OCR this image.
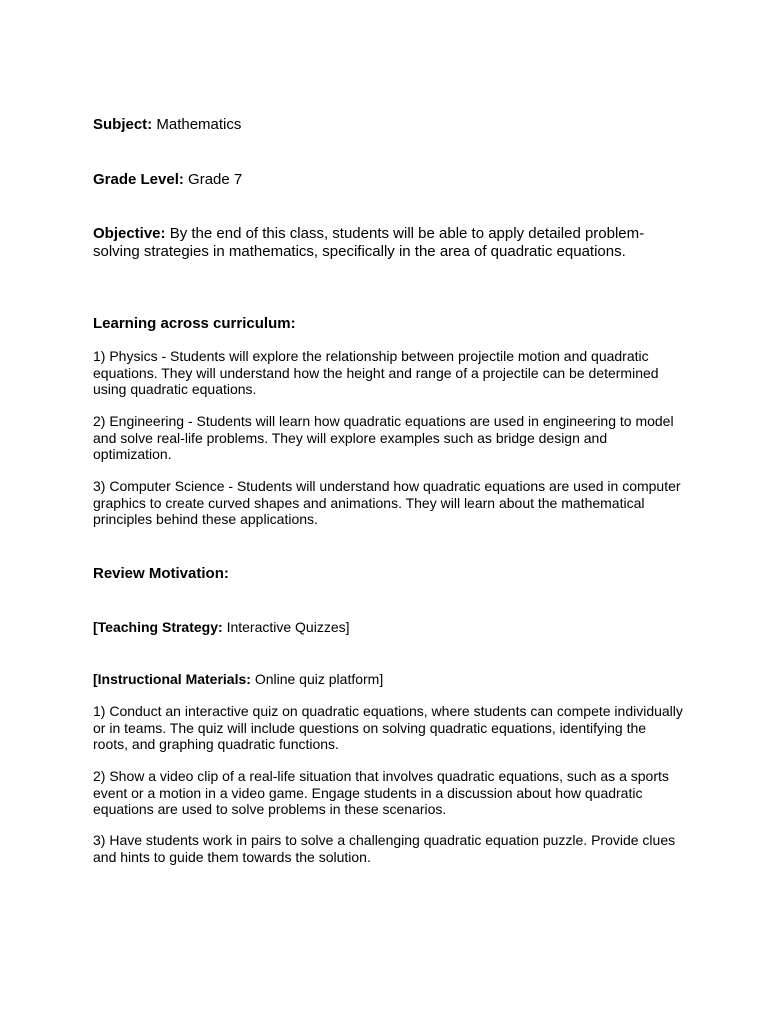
Subject: Mathematics

Grade Level: Grade 7

Objective: By the end of this class, students will be able to apply detailed problem-solving strategies in mathematics, specifically in the area of quadratic equations.

Learning across curriculum:

1) Physics - Students will explore the relationship between projectile motion and quadratic equations. They will understand how the height and range of a projectile can be determined using quadratic equations.

2) Engineering - Students will learn how quadratic equations are used in engineering to model and solve real-life problems. They will explore examples such as bridge design and optimization.

3) Computer Science - Students will understand how quadratic equations are used in computer graphics to create curved shapes and animations. They will learn about the mathematical principles behind these applications.

Review Motivation:

[Teaching Strategy: Interactive Quizzes]

[Instructional Materials: Online quiz platform]

1) Conduct an interactive quiz on quadratic equations, where students can compete individually or in teams. The quiz will include questions on solving quadratic equations, identifying the roots, and graphing quadratic functions.

2) Show a video clip of a real-life situation that involves quadratic equations, such as a sports event or a motion in a video game. Engage students in a discussion about how quadratic equations are used to solve problems in these scenarios.

3) Have students work in pairs to solve a challenging quadratic equation puzzle. Provide clues and hints to guide them towards the solution.
